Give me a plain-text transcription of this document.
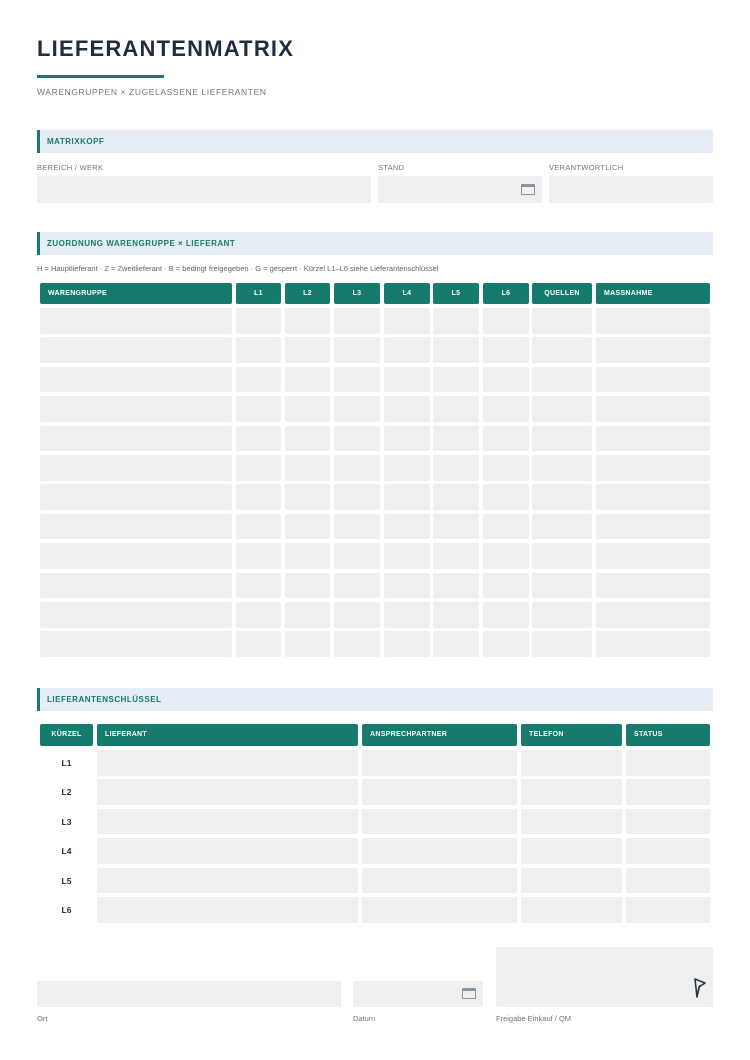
LIEFERANTENMATRIX
WARENGRUPPEN × ZUGELASSENE LIEFERANTEN
MATRIXKOPF
BEREICH / WERK	STAND	VERANTWORTLICH
ZUORDNUNG WARENGRUPPE × LIEFERANT
H = Hauptlieferant · Z = Zweitlieferant · B = bedingt freigegeben · G = gesperrt · Kürzel L1–L6 siehe Lieferantenschlüssel
WARENGRUPPE	L1	L2	L3	L4	L5	L6	QUELLEN	MASSNAHME
LIEFERANTENSCHLÜSSEL
KÜRZEL	LIEFERANT	ANSPRECHPARTNER	TELEFON	STATUS
L1
L2
L3
L4
L5
L6
Ort	Datum	Freigabe Einkauf / QM
